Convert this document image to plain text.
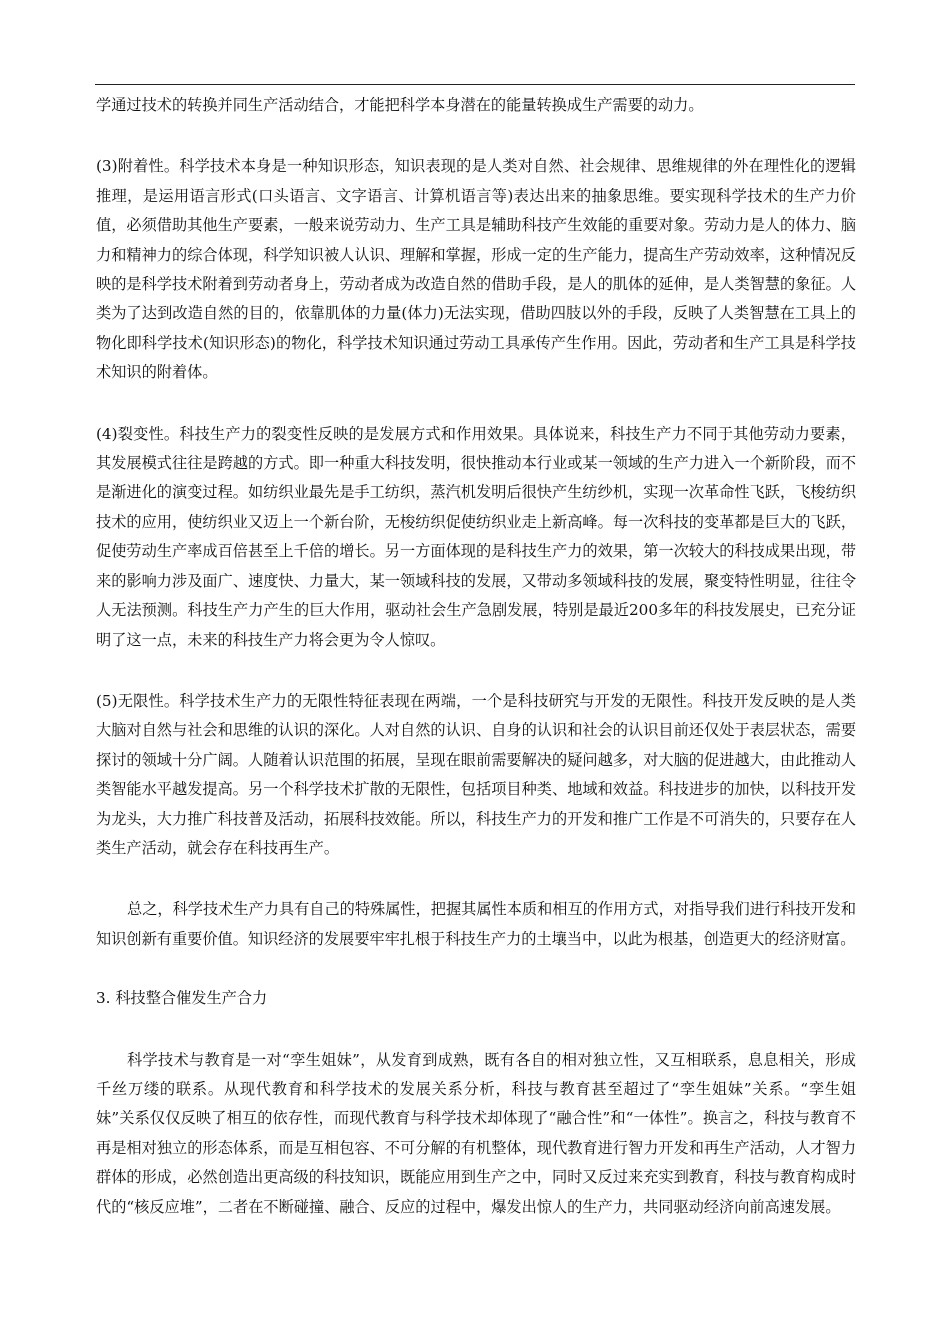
学通过技术的转换并同生产活动结合，才能把科学本身潜在的能量转换成生产需要的动力。

(3)附着性。科学技术本身是一种知识形态，知识表现的是人类对自然、社会规律、思维规律的外在理性化的逻辑推理，是运用语言形式(口头语言、文字语言、计算机语言等)表达出来的抽象思维。要实现科学技术的生产力价值，必须借助其他生产要素，一般来说劳动力、生产工具是辅助科技产生效能的重要对象。劳动力是人的体力、脑力和精神力的综合体现，科学知识被人认识、理解和掌握，形成一定的生产能力，提高生产劳动效率，这种情况反映的是科学技术附着到劳动者身上，劳动者成为改造自然的借助手段，是人的肌体的延伸，是人类智慧的象征。人类为了达到改造自然的目的，依靠肌体的力量(体力)无法实现，借助四肢以外的手段，反映了人类智慧在工具上的物化即科学技术(知识形态)的物化，科学技术知识通过劳动工具承传产生作用。因此，劳动者和生产工具是科学技术知识的附着体。

(4)裂变性。科技生产力的裂变性反映的是发展方式和作用效果。具体说来，科技生产力不同于其他劳动力要素，其发展模式往往是跨越的方式。即一种重大科技发明，很快推动本行业或某一领域的生产力进入一个新阶段，而不是渐进化的演变过程。如纺织业最先是手工纺织，蒸汽机发明后很快产生纺纱机，实现一次革命性飞跃，飞梭纺织技术的应用，使纺织业又迈上一个新台阶，无梭纺织促使纺织业走上新高峰。每一次科技的变革都是巨大的飞跃，促使劳动生产率成百倍甚至上千倍的增长。另一方面体现的是科技生产力的效果，第一次较大的科技成果出现，带来的影响力涉及面广、速度快、力量大，某一领域科技的发展，又带动多领域科技的发展，聚变特性明显，往往令人无法预测。科技生产力产生的巨大作用，驱动社会生产急剧发展，特别是最近200多年的科技发展史，已充分证明了这一点，未来的科技生产力将会更为令人惊叹。

(5)无限性。科学技术生产力的无限性特征表现在两端，一个是科技研究与开发的无限性。科技开发反映的是人类大脑对自然与社会和思维的认识的深化。人对自然的认识、自身的认识和社会的认识目前还仅处于表层状态，需要探讨的领域十分广阔。人随着认识范围的拓展，呈现在眼前需要解决的疑问越多，对大脑的促进越大，由此推动人类智能水平越发提高。另一个科学技术扩散的无限性，包括项目种类、地域和效益。科技进步的加快，以科技开发为龙头，大力推广科技普及活动，拓展科技效能。所以，科技生产力的开发和推广工作是不可消失的，只要存在人类生产活动，就会存在科技再生产。

总之，科学技术生产力具有自己的特殊属性，把握其属性本质和相互的作用方式，对指导我们进行科技开发和知识创新有重要价值。知识经济的发展要牢牢扎根于科技生产力的土壤当中，以此为根基，创造更大的经济财富。

3. 科技整合催发生产合力

科学技术与教育是一对“孪生姐妹”，从发育到成熟，既有各自的相对独立性，又互相联系，息息相关，形成千丝万缕的联系。从现代教育和科学技术的发展关系分析，科技与教育甚至超过了“孪生姐妹”关系。“孪生姐妹”关系仅仅反映了相互的依存性，而现代教育与科学技术却体现了“融合性”和“一体性”。换言之，科技与教育不再是相对独立的形态体系，而是互相包容、不可分解的有机整体，现代教育进行智力开发和再生产活动，人才智力群体的形成，必然创造出更高级的科技知识，既能应用到生产之中，同时又反过来充实到教育，科技与教育构成时代的“核反应堆”，二者在不断碰撞、融合、反应的过程中，爆发出惊人的生产力，共同驱动经济向前高速发展。
